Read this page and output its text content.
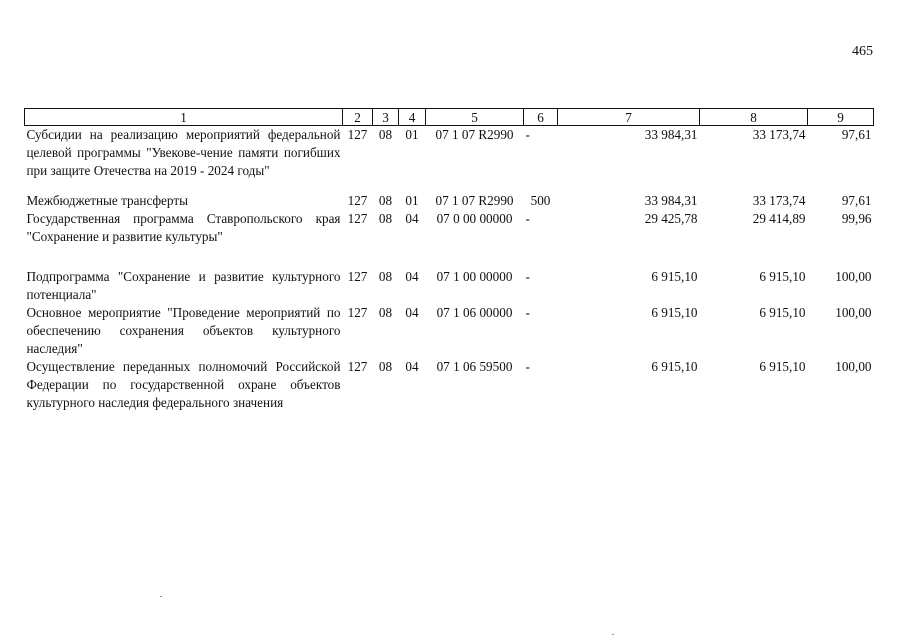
465
1	2	3	4	5	6	7	8	9
Субсидии на реализацию мероприятий федеральной целевой программы "Увекове-чение памяти погибших при защите Отечества на 2019 - 2024 годы"	127	08	01	07 1 07 R2990	-	33 984,31	33 173,74	97,61
Межбюджетные трансферты	127	08	01	07 1 07 R2990	500	33 984,31	33 173,74	97,61
Государственная программа Ставропольского края "Сохранение и развитие культуры"	127	08	04	07 0 00 00000	-	29 425,78	29 414,89	99,96
Подпрограмма "Сохранение и развитие культурного потенциала"	127	08	04	07 1 00 00000	-	6 915,10	6 915,10	100,00
Основное мероприятие "Проведение мероприятий по обеспечению сохранения объектов культурного наследия"	127	08	04	07 1 06 00000	-	6 915,10	6 915,10	100,00
Осуществление переданных полномочий Российской Федерации по государственной охране объектов культурного наследия федерального значения	127	08	04	07 1 06 59500	-	6 915,10	6 915,10	100,00
